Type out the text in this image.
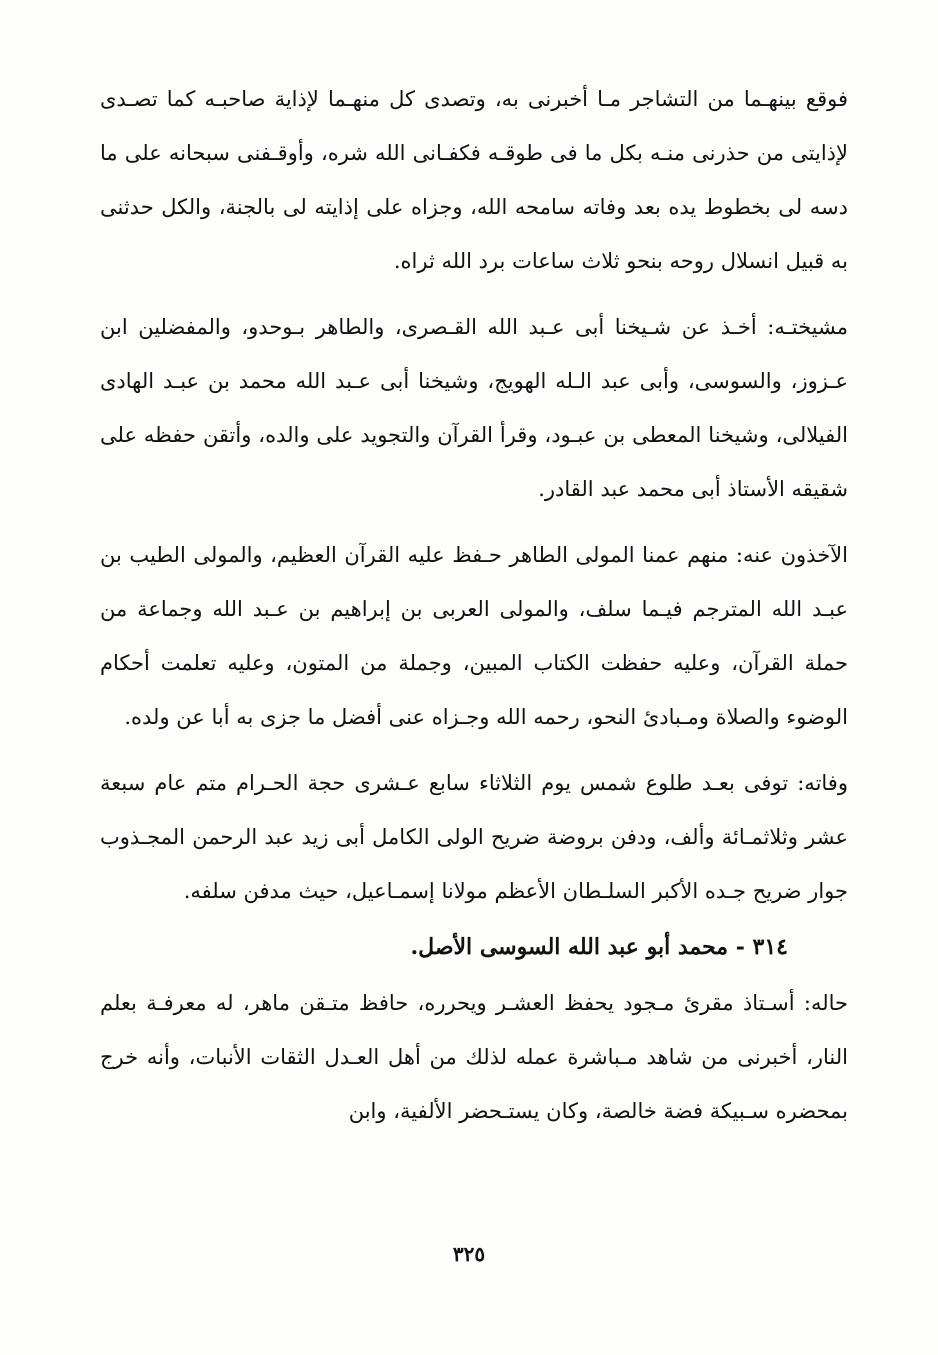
فوقع بينهـما من التشاجر مـا أخبرنى به، وتصدى كل منهـما لإذاية صاحبـه كما تصـدى لإذايتى من حذرنى منـه بكل ما فى طوقـه فكفـانى الله شره، وأوقـفنى سبحانه على ما دسه لى بخطوط يده بعد وفاته سامحه الله، وجزاه على إذايته لى بالجنة، والكل حدثنى به قبيل انسلال روحه بنحو ثلاث ساعات برد الله ثراه.

مشيختـه: أخـذ عن شـيخنا أبى عـبد الله القـصرى، والطاهر بـوحدو، والمفضلين ابن عـزوز، والسوسى، وأبى عبد الـله الهويج، وشيخنا أبى عـبد الله محمد بن عبـد الهادى الفيلالى، وشيخنا المعطى بن عبـود، وقرأ القرآن والتجويد على والده، وأتقن حفظه على شقيقه الأستاذ أبى محمد عبد القادر.

الآخذون عنه: منهم عمنا المولى الطاهر حـفظ عليه القرآن العظيم، والمولى الطيب بن عبـد الله المترجم فيـما سلف، والمولى العربى بن إبراهيم بن عـبد الله وجماعة من حملة القرآن، وعليه حفظت الكتاب المبين، وجملة من المتون، وعليه تعلمت أحكام الوضوء والصلاة ومـبادئ النحو، رحمه الله وجـزاه عنى أفضل ما جزى به أبا عن ولده.

وفاته: توفى بعـد طلوع شمس يوم الثلاثاء سابع عـشرى حجة الحـرام متم عام سبعة عشر وثلاثمـائة وألف، ودفن بروضة ضريح الولى الكامل أبى زيد عبد الرحمن المجـذوب جوار ضريح جـده الأكبر السلـطان الأعظم مولانا إسمـاعيل، حيث مدفن سلفه.

٣١٤ - محمد أبو عبد الله السوسى الأصل.

حاله: أسـتاذ مقرئ مـجود يحفظ العشـر ويحرره، حافظ متـقن ماهر، له معرفـة بعلم النار، أخبرنى من شاهد مـباشرة عمله لذلك من أهل العـدل الثقات الأنبات، وأنه خرج بمحضره سـبيكة فضة خالصة، وكان يستـحضر الألفية، وابن

٣٢٥
